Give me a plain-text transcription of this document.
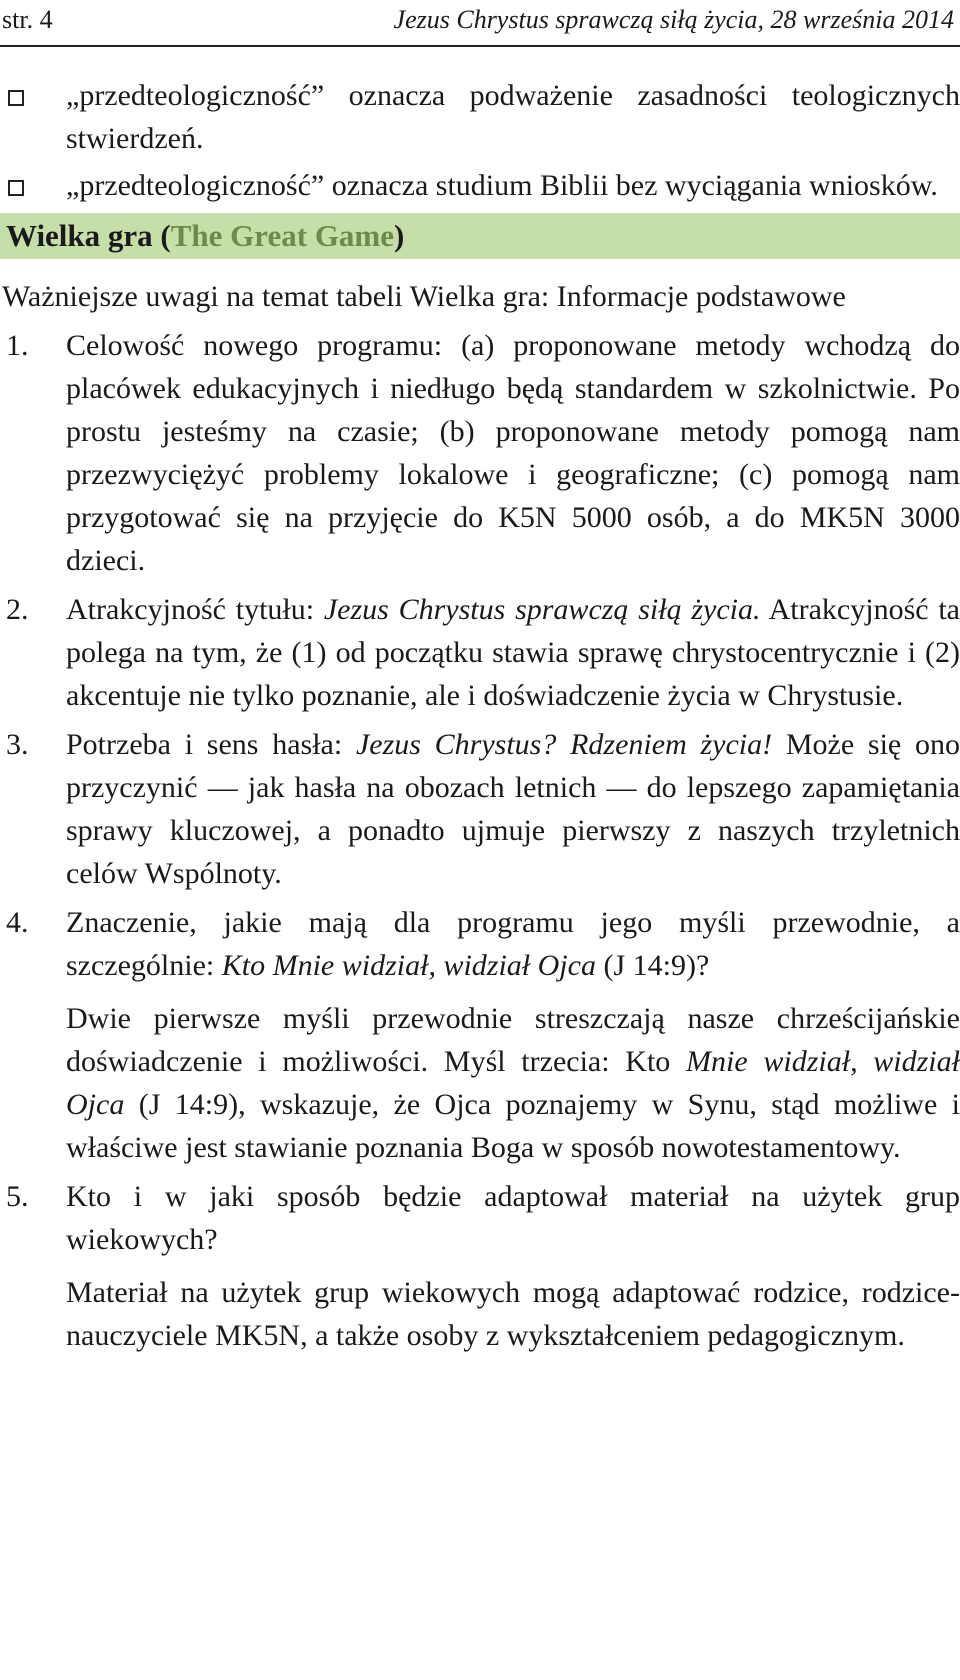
str. 4	Jezus Chrystus sprawczą siłą życia, 28 września 2014

„przedteologiczność” oznacza podważenie zasadności teologicznych stwierdzeń.

„przedteologiczność” oznacza studium Biblii bez wyciągania wniosków.

Wielka gra (The Great Game)

Ważniejsze uwagi na temat tabeli Wielka gra: Informacje podstawowe

1. Celowość nowego programu: (a) proponowane metody wchodzą do placówek edukacyjnych i niedługo będą standardem w szkolnictwie. Po prostu jesteśmy na czasie; (b) proponowane metody pomogą nam przezwyciężyć problemy lokalowe i geograficzne; (c) pomogą nam przygotować się na przyjęcie do K5N 5000 osób, a do MK5N 3000 dzieci.

2. Atrakcyjność tytułu: Jezus Chrystus sprawczą siłą życia. Atrakcyjność ta polega na tym, że (1) od początku stawia sprawę chrystocentrycznie i (2) akcentuje nie tylko poznanie, ale i doświadczenie życia w Chrystusie.

3. Potrzeba i sens hasła: Jezus Chrystus? Rdzeniem życia! Może się ono przyczynić — jak hasła na obozach letnich — do lepszego zapamiętania sprawy kluczowej, a ponadto ujmuje pierwszy z naszych trzyletnich celów Wspólnoty.

4. Znaczenie, jakie mają dla programu jego myśli przewodnie, a szczególnie: Kto Mnie widział, widział Ojca (J 14:9)?

Dwie pierwsze myśli przewodnie streszczają nasze chrześcijańskie doświadczenie i możliwości. Myśl trzecia: Kto Mnie widział, widział Ojca (J 14:9), wskazuje, że Ojca poznajemy w Synu, stąd możliwe i właściwe jest stawianie poznania Boga w sposób nowotestamentowy.

5. Kto i w jaki sposób będzie adaptował materiał na użytek grup wiekowych?

Materiał na użytek grup wiekowych mogą adaptować rodzice, rodzice-nauczyciele MK5N, a także osoby z wykształceniem pedagogicznym.
